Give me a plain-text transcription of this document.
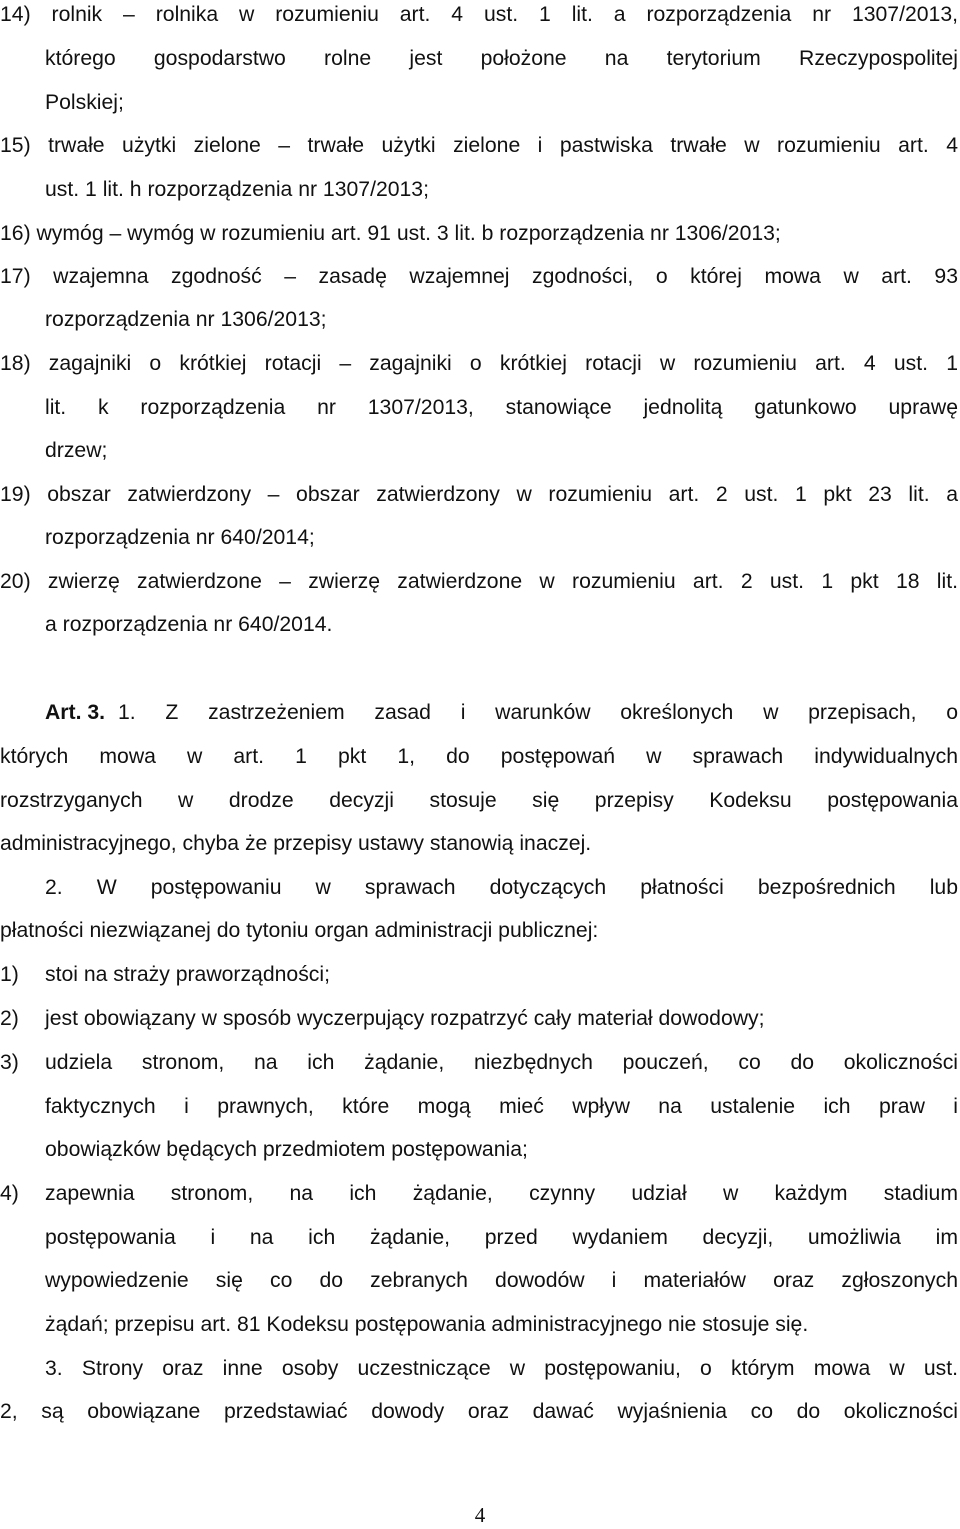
14) rolnik – rolnika w rozumieniu art. 4 ust. 1 lit. a rozporządzenia nr 1307/2013,
którego gospodarstwo rolne jest położone na terytorium Rzeczypospolitej
Polskiej;
15) trwałe użytki zielone – trwałe użytki zielone i pastwiska trwałe w rozumieniu art. 4
ust. 1 lit. h rozporządzenia nr 1307/2013;
16) wymóg – wymóg w rozumieniu art. 91 ust. 3 lit. b rozporządzenia nr 1306/2013;
17) wzajemna zgodność – zasadę wzajemnej zgodności, o której mowa w art. 93
rozporządzenia nr 1306/2013;
18) zagajniki o krótkiej rotacji – zagajniki o krótkiej rotacji w rozumieniu art. 4 ust. 1
lit. k rozporządzenia nr 1307/2013, stanowiące jednolitą gatunkowo uprawę
drzew;
19) obszar zatwierdzony – obszar zatwierdzony w rozumieniu art. 2 ust. 1 pkt 23 lit. a
rozporządzenia nr 640/2014;
20) zwierzę zatwierdzone – zwierzę zatwierdzone w rozumieniu art. 2 ust. 1 pkt 18 lit.
a rozporządzenia nr 640/2014.
Art. 3. 1. Z zastrzeżeniem zasad i warunków określonych w przepisach, o
których mowa w art. 1 pkt 1, do postępowań w sprawach indywidualnych
rozstrzyganych w drodze decyzji stosuje się przepisy Kodeksu postępowania
administracyjnego, chyba że przepisy ustawy stanowią inaczej.
2. W postępowaniu w sprawach dotyczących płatności bezpośrednich lub
płatności niezwiązanej do tytoniu organ administracji publicznej:
1) stoi na straży praworządności;
2) jest obowiązany w sposób wyczerpujący rozpatrzyć cały materiał dowodowy;
3) udziela stronom, na ich żądanie, niezbędnych pouczeń, co do okoliczności
faktycznych i prawnych, które mogą mieć wpływ na ustalenie ich praw i
obowiązków będących przedmiotem postępowania;
4) zapewnia stronom, na ich żądanie, czynny udział w każdym stadium
postępowania i na ich żądanie, przed wydaniem decyzji, umożliwia im
wypowiedzenie się co do zebranych dowodów i materiałów oraz zgłoszonych
żądań; przepisu art. 81 Kodeksu postępowania administracyjnego nie stosuje się.
3. Strony oraz inne osoby uczestniczące w postępowaniu, o którym mowa w ust.
2, są obowiązane przedstawiać dowody oraz dawać wyjaśnienia co do okoliczności
4
